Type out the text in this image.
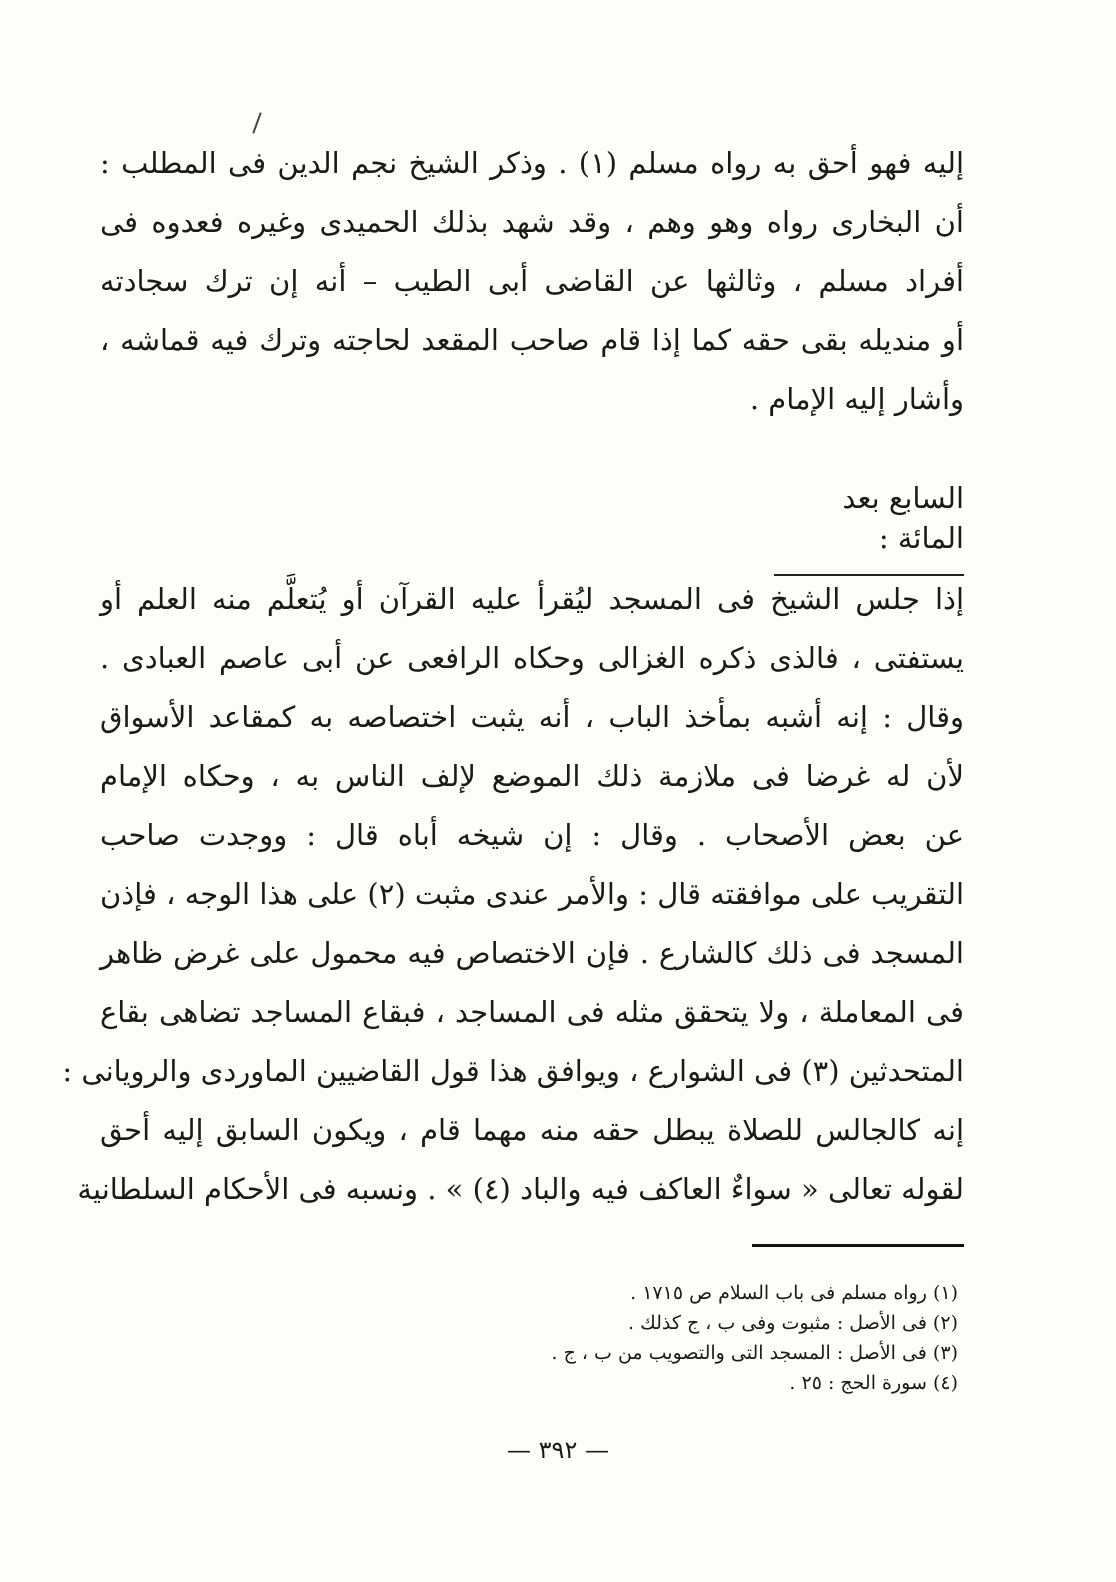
إليه فهو أحق به رواه مسلم (١) . وذكر الشيخ نجم الدين فى المطلب :
أن البخارى رواه وهو وهم ، وقد شهد بذلك الحميدى وغيره فعدوه فى
أفراد مسلم ، وثالثها عن القاضى أبى الطيب – أنه إن ترك سجادته
أو منديله بقى حقه كما إذا قام صاحب المقعد لحاجته وترك فيه قماشه ،
وأشار إليه الإمام .
السابع بعد المائة :
إذا جلس الشيخ فى المسجد ليُقرأ عليه القرآن أو يُتعلَّم منه العلم أو
يستفتى ، فالذى ذكره الغزالى وحكاه الرافعى عن أبى عاصم العبادى .
وقال : إنه أشبه بمأخذ الباب ، أنه يثبت اختصاصه به كمقاعد الأسواق
لأن له غرضا فى ملازمة ذلك الموضع لإلف الناس به ، وحكاه الإمام
عن بعض الأصحاب . وقال : إن شيخه أباه قال : ووجدت صاحب
التقريب على موافقته قال : والأمر عندى مثبت (٢) على هذا الوجه ، فإذن
المسجد فى ذلك كالشارع . فإن الاختصاص فيه محمول على غرض ظاهر
فى المعاملة ، ولا يتحقق مثله فى المساجد ، فبقاع المساجد تضاهى بقاع
المتحدثين (٣) فى الشوارع ، ويوافق هذا قول القاضيين الماوردى والرويانى :
إنه كالجالس للصلاة يبطل حقه منه مهما قام ، ويكون السابق إليه أحق
لقوله تعالى « سواءٌ العاكف فيه والباد (٤) » . ونسبه فى الأحكام السلطانية
(١) رواه مسلم فى باب السلام ص ١٧١٥ .
(٢) فى الأصل : مثبوت وفى ب ، ج كذلك .
(٣) فى الأصل : المسجد التى والتصويب من ب ، ج .
(٤) سورة الحج : ٢٥ .
— ٣٩٢ —
